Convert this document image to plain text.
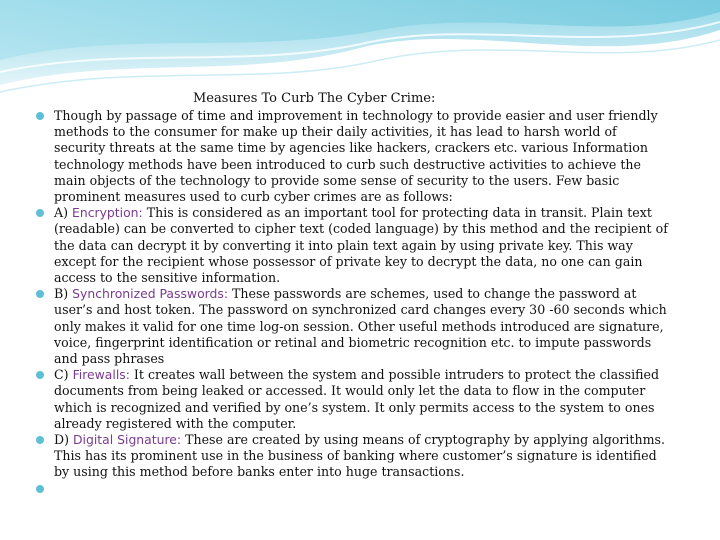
Measures To Curb The Cyber Crime:
Though by passage of time and improvement in technology to provide easier and user friendly methods to the consumer for make up their daily activities, it has lead to harsh world of security threats at the same time by agencies like hackers, crackers etc. various Information technology methods have been introduced to curb such destructive activities to achieve the main objects of the technology to provide some sense of security to the users. Few basic prominent measures used to curb cyber crimes are as follows:
A) Encryption: This is considered as an important tool for protecting data in transit. Plain text (readable) can be converted to cipher text (coded language) by this method and the recipient of the data can decrypt it by converting it into plain text again by using private key. This way except for the recipient whose possessor of private key to decrypt the data, no one can gain access to the sensitive information.
B) Synchronized Passwords: These passwords are schemes, used to change the password at user’s and host token. The password on synchronized card changes every 30 -60 seconds which only makes it valid for one time log-on session. Other useful methods introduced are signature, voice, fingerprint identification or retinal and biometric recognition etc. to impute passwords and pass phrases
C) Firewalls: It creates wall between the system and possible intruders to protect the classified documents from being leaked or accessed. It would only let the data to flow in the computer which is recognized and verified by one’s system. It only permits access to the system to ones already registered with the computer.
D) Digital Signature: These are created by using means of cryptography by applying algorithms. This has its prominent use in the business of banking where customer’s signature is identified by using this method before banks enter into huge transactions.
